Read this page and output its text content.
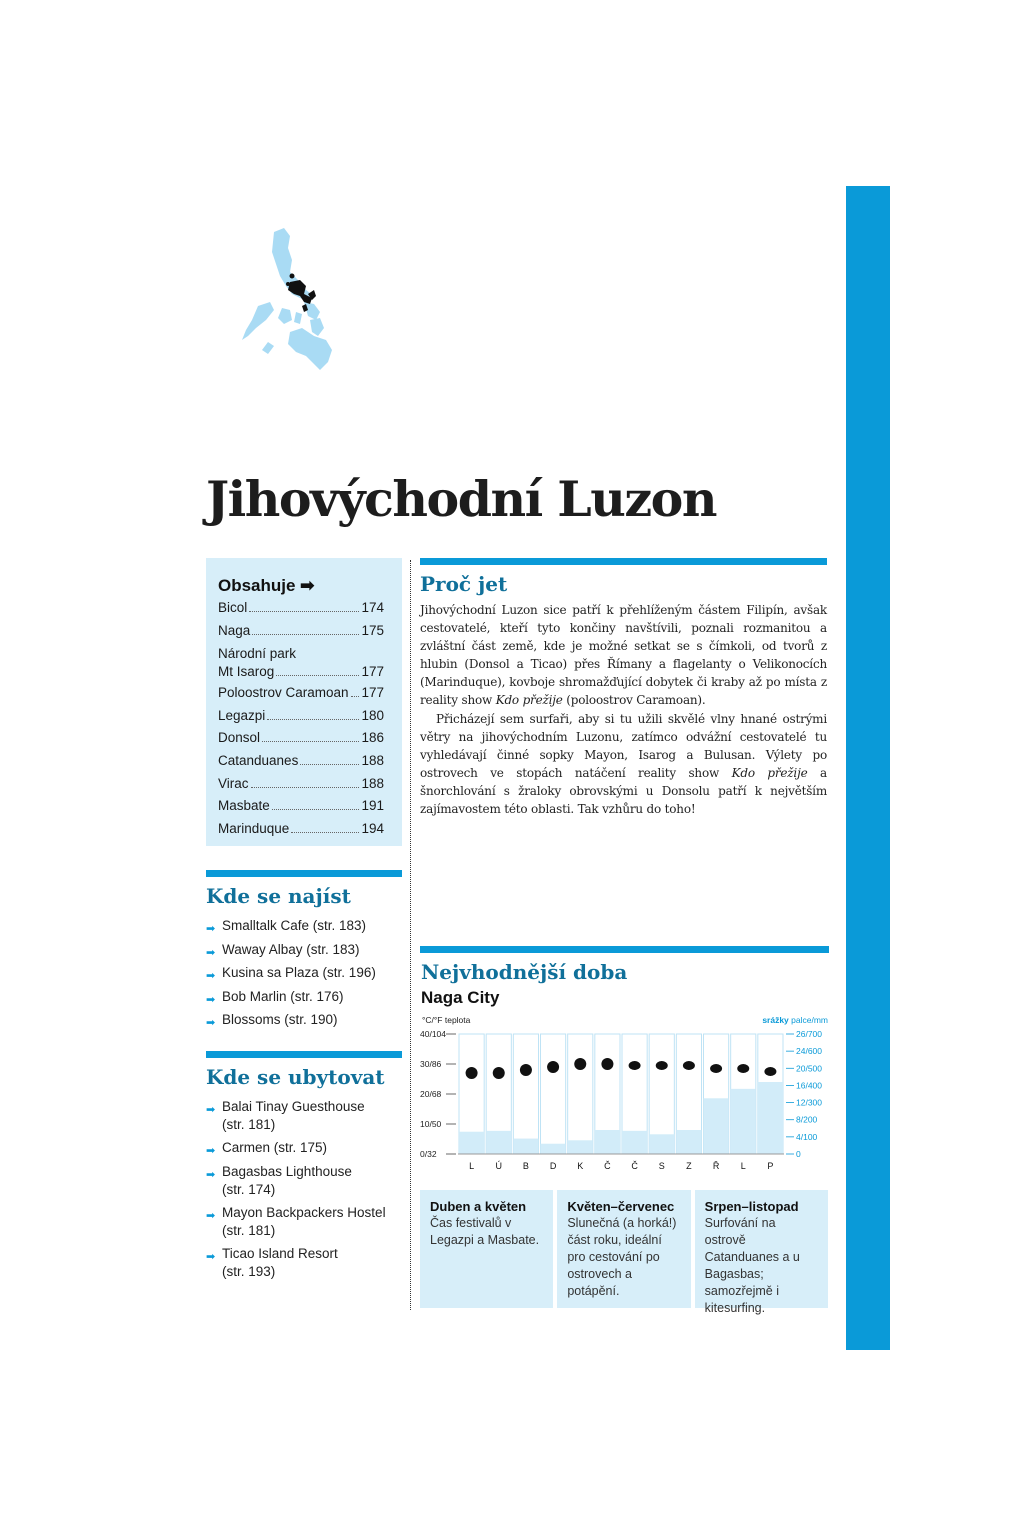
Jihovýchodní Luzon
Obsahuje ➡
Bicol	174
Naga	175
Národní park
Mt Isarog	177
Poloostrov Caramoan 177
Legazpi	180
Donsol	186
Catanduanes	188
Virac	188
Masbate	191
Marinduque	194
Kde se najíst
➡ Smalltalk Cafe (str. 183)
➡ Waway Albay (str. 183)
➡ Kusina sa Plaza (str. 196)
➡ Bob Marlin (str. 176)
➡ Blossoms (str. 190)
Kde se ubytovat
➡ Balai Tinay Guesthouse
(str. 181)
➡ Carmen (str. 175)
➡ Bagasbas Lighthouse
(str. 174)
➡ Mayon Backpackers Hostel
(str. 181)
➡ Ticao Island Resort
(str. 193)
Proč jet

Jihovýchodní Luzon sice patří k přehlíženým částem Filipín, avšak cestovatelé, kteří tyto končiny navštívili, poznali rozmanitou a zvláštní část země, kde je možné setkat se s čímkoli, od tvorů z hlubin (Donsol a Ticao) přes Římany a flagelanty o Velikonocích (Marinduque), kovboje shromažďující dobytek či kraby až po místa z reality show Kdo přežije (poloostrov Caramoan).

Přicházejí sem surfaři, aby si tu užili skvělé vlny hnané ostrými větry na jihovýchodním Luzonu, zatímco odvážní cestovatelé tu vyhledávají činné sopky Mayon, Isarog a Bulusan. Výlety po ostrovech ve stopách natáčení reality show Kdo přežije a šnorchlování s žraloky obrovskými u Donsolu patří k největším zajímavostem této oblasti. Tak vzhůru do toho!

Nejvhodnější doba
Naga City
°C/°F teplota	srážky palce/mm
0/32
10/50
20/68
30/86
40/104
0
4/100
8/200
12/300
16/400
20/500
24/600
26/700
L Ú B D K Č Č S Z Ř L P
Duben a květen
Čas festivalů v Legazpi a Masbate.
Květen–červenec
Slunečná (a horká!) část roku, ideální pro cestování po ostrovech a potápění.
Srpen–listopad
Surfování na ostrově Catanduanes a u Bagasbas; samozřejmě i kitesurfing.
